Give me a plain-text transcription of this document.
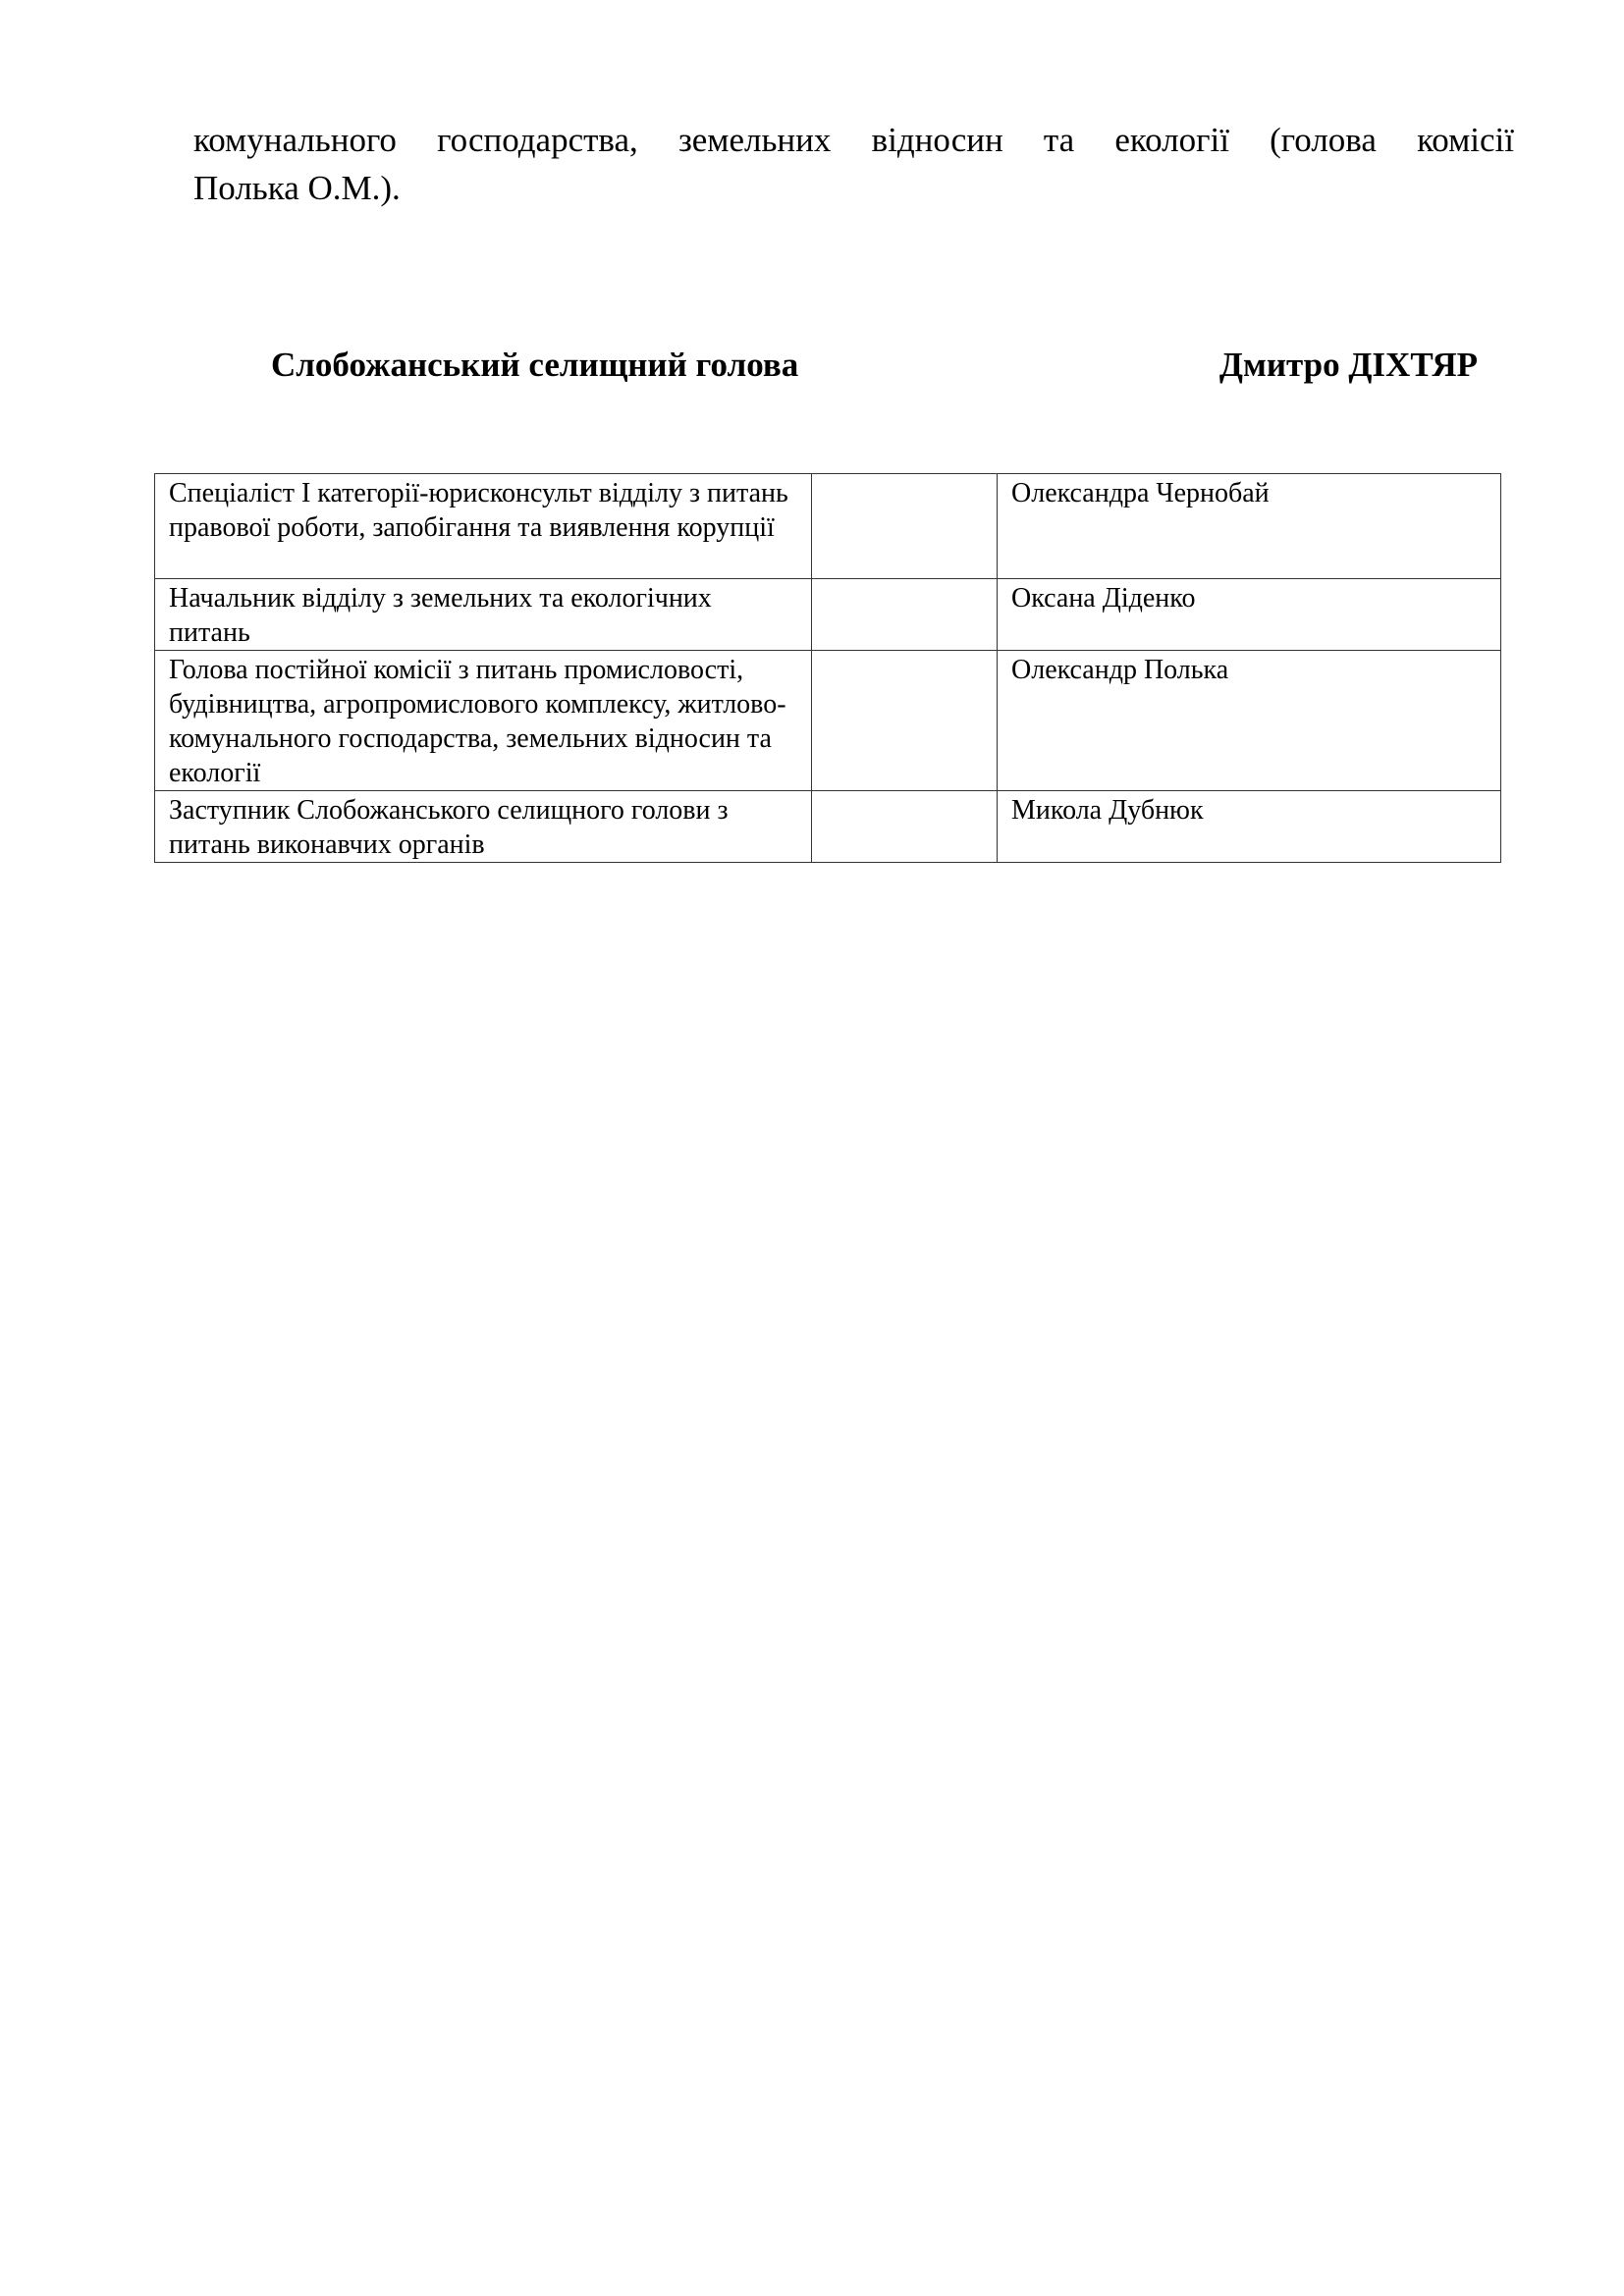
комунального господарства, земельних відносин та екології (голова комісії
Полька О.М.).
Слобожанський селищний голова	Дмитро ДІХТЯР
Спеціаліст І категорії-юрисконсульт відділу з питань правової роботи, запобігання та виявлення корупції		Олександра Чернобай
Начальник відділу з земельних та екологічних питань		Оксана Діденко
Голова постійної комісії з питань промисловості, будівництва, агропромислового комплексу, житлово-комунального господарства, земельних відносин та екології		Олександр Полька
Заступник Слобожанського селищного голови з питань виконавчих органів		Микола Дубнюк
